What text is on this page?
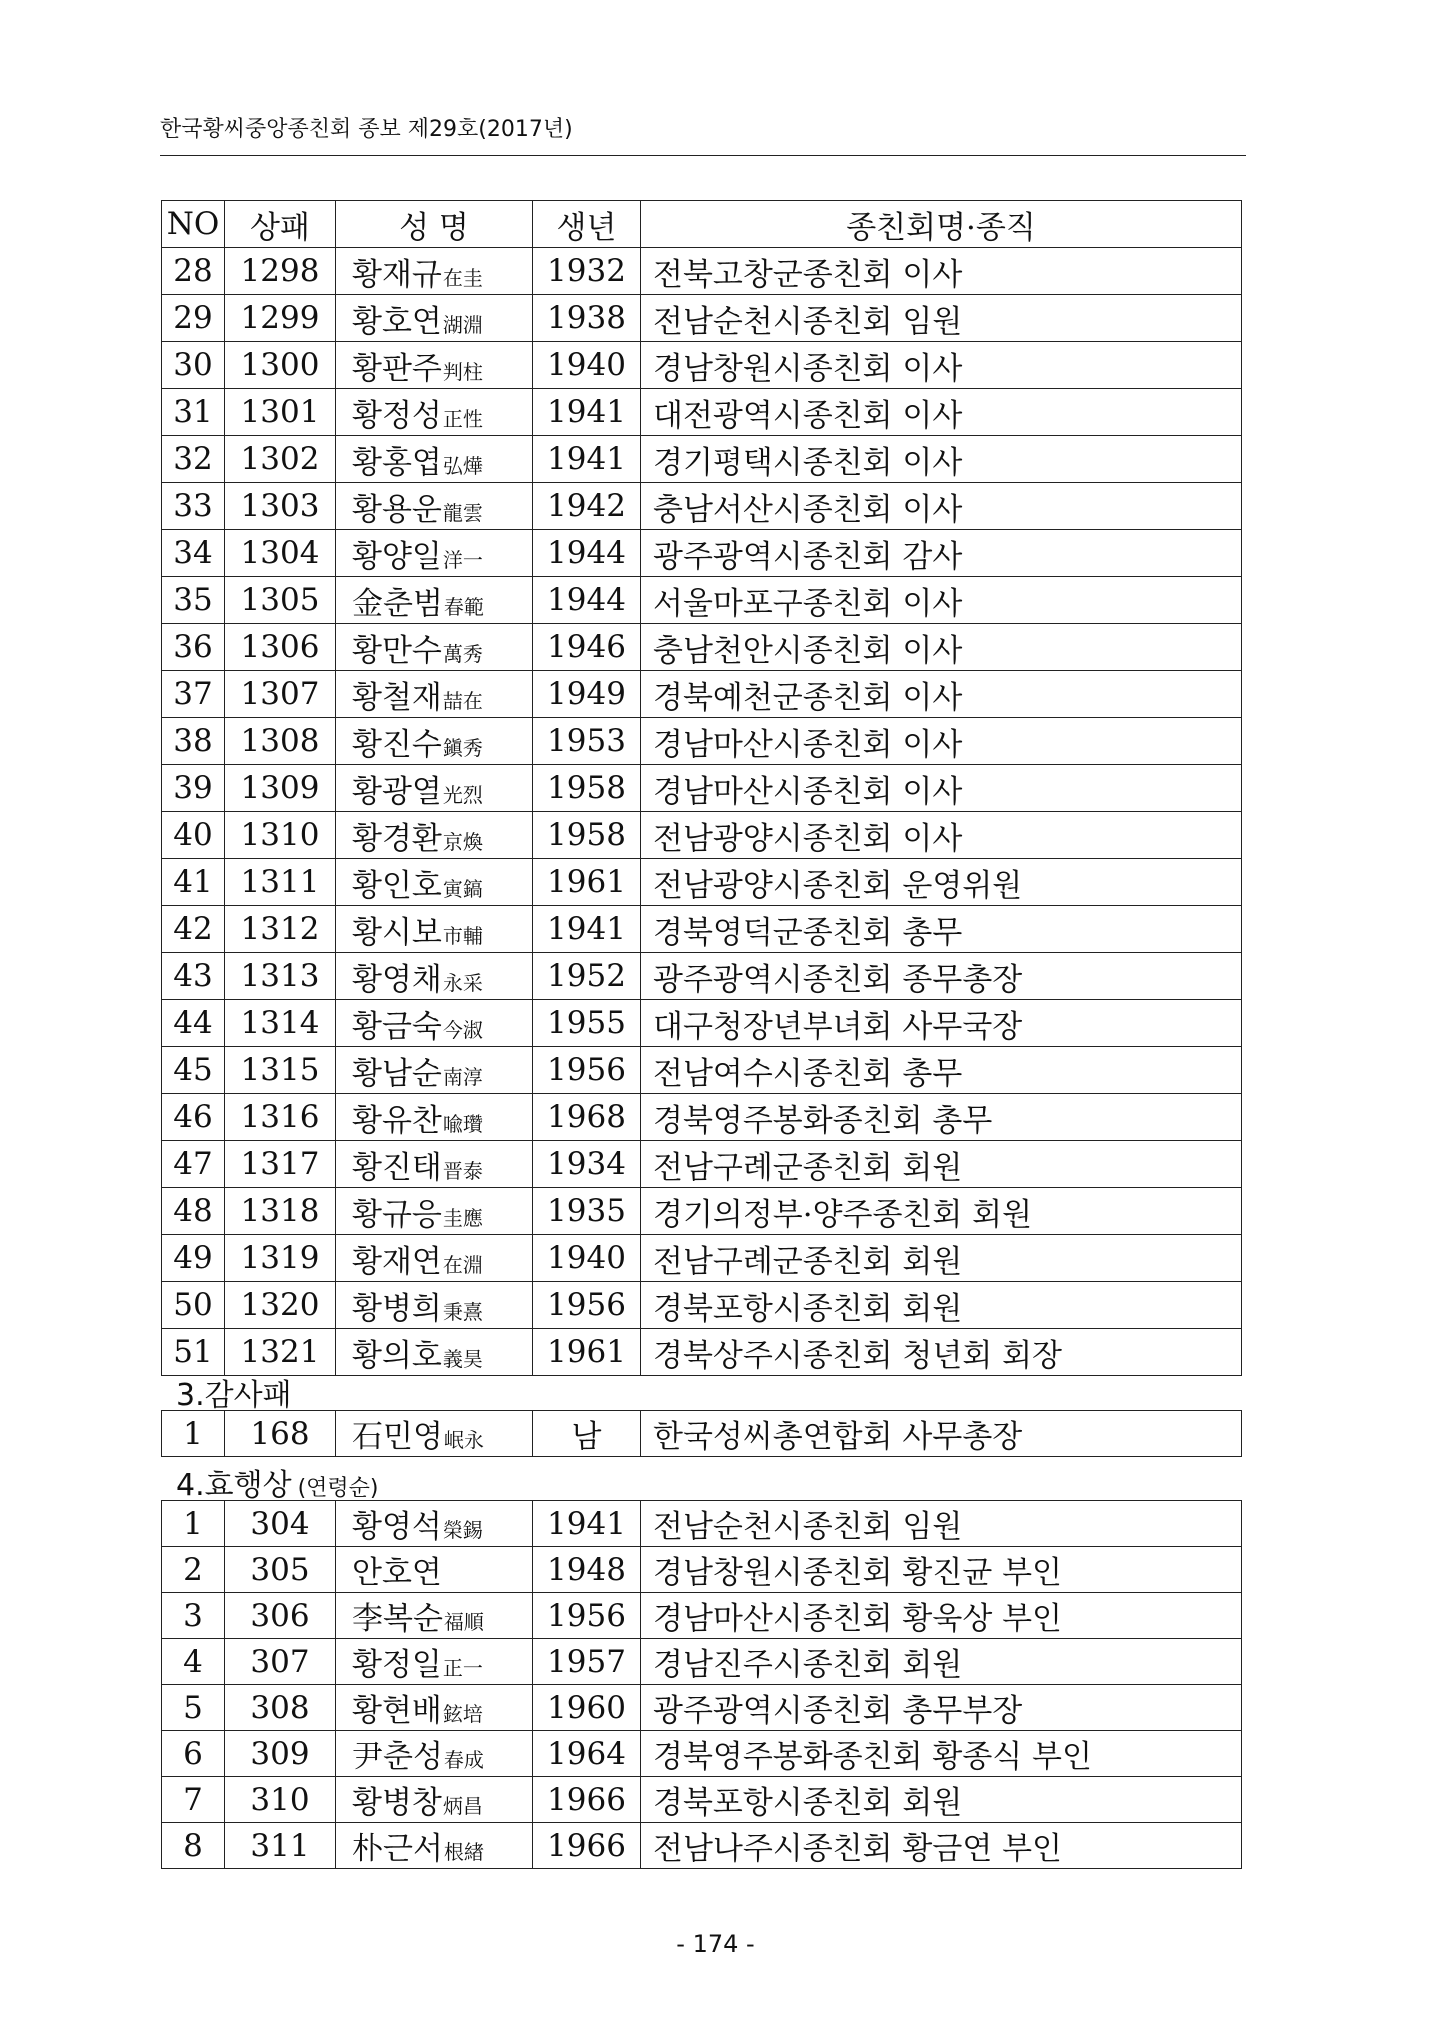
한국황씨중앙종친회 종보 제29호(2017년)
NO	상패	성 명	생년	종친회명·종직
28	1298	황재규在圭	1932	전북고창군종친회 이사
29	1299	황호연湖淵	1938	전남순천시종친회 임원
30	1300	황판주判柱	1940	경남창원시종친회 이사
31	1301	황정성正性	1941	대전광역시종친회 이사
32	1302	황홍엽弘燁	1941	경기평택시종친회 이사
33	1303	황용운龍雲	1942	충남서산시종친회 이사
34	1304	황양일洋一	1944	광주광역시종친회 감사
35	1305	金춘범春範	1944	서울마포구종친회 이사
36	1306	황만수萬秀	1946	충남천안시종친회 이사
37	1307	황철재喆在	1949	경북예천군종친회 이사
38	1308	황진수鎭秀	1953	경남마산시종친회 이사
39	1309	황광열光烈	1958	경남마산시종친회 이사
40	1310	황경환京煥	1958	전남광양시종친회 이사
41	1311	황인호寅鎬	1961	전남광양시종친회 운영위원
42	1312	황시보市輔	1941	경북영덕군종친회 총무
43	1313	황영채永采	1952	광주광역시종친회 종무총장
44	1314	황금숙今淑	1955	대구청장년부녀회 사무국장
45	1315	황남순南淳	1956	전남여수시종친회 총무
46	1316	황유찬喩瓚	1968	경북영주봉화종친회 총무
47	1317	황진태晋泰	1934	전남구례군종친회 회원
48	1318	황규응圭應	1935	경기의정부·양주종친회 회원
49	1319	황재연在淵	1940	전남구례군종친회 회원
50	1320	황병희秉熹	1956	경북포항시종친회 회원
51	1321	황의호義昊	1961	경북상주시종친회 청년회 회장
3.감사패
1	168	石민영岷永	남	한국성씨총연합회 사무총장
4.효행상 (연령순)
1	304	황영석榮錫	1941	전남순천시종친회 임원
2	305	안호연	1948	경남창원시종친회 황진균 부인
3	306	李복순福順	1956	경남마산시종친회 황욱상 부인
4	307	황정일正一	1957	경남진주시종친회 회원
5	308	황현배鉉培	1960	광주광역시종친회 총무부장
6	309	尹춘성春成	1964	경북영주봉화종친회 황종식 부인
7	310	황병창炳昌	1966	경북포항시종친회 회원
8	311	朴근서根緖	1966	전남나주시종친회 황금연 부인
- 174 -
